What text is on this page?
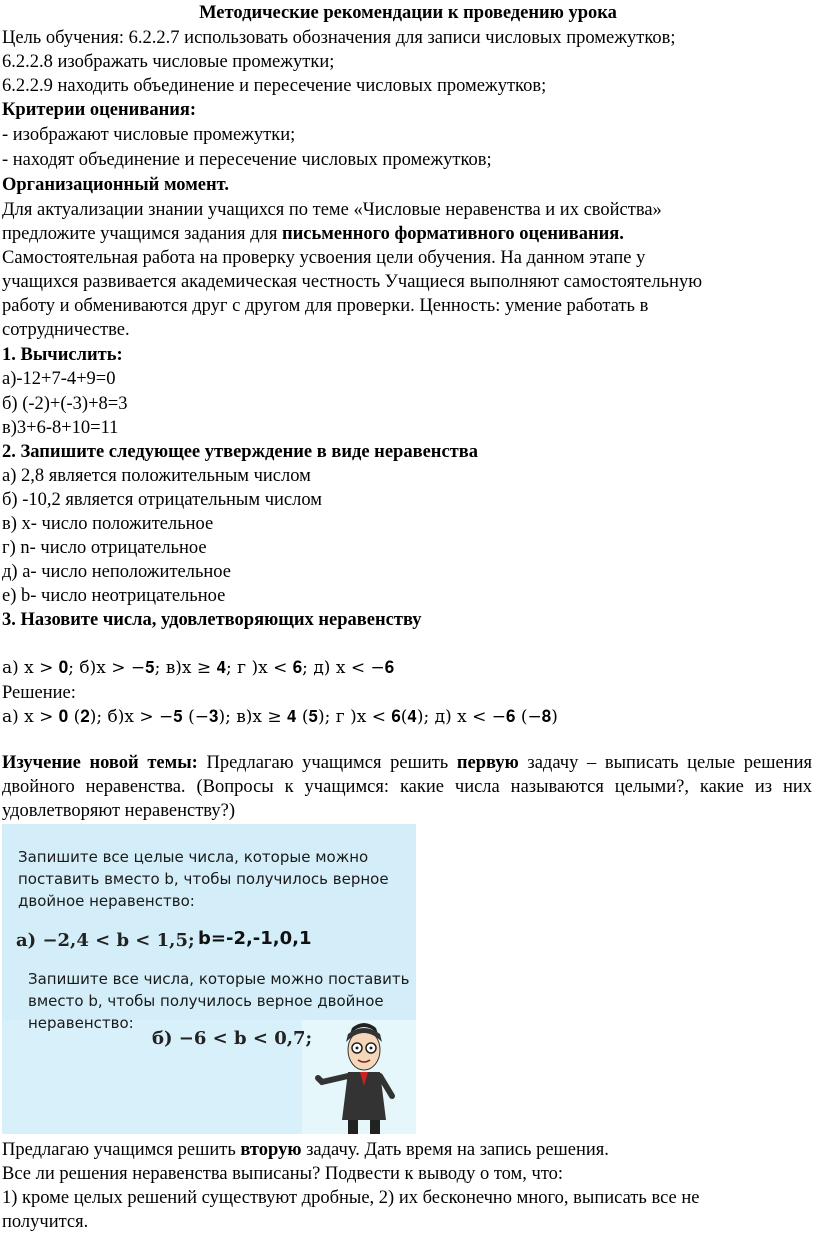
Методические рекомендации к проведению урока
Цель обучения: 6.2.2.7 использовать обозначения для записи числовых промежутков;
6.2.2.8 изображать числовые промежутки;
6.2.2.9 находить объединение и пересечение числовых промежутков;
Критерии оценивания:
- изображают числовые промежутки;
- находят объединение и пересечение числовых промежутков;
Организационный момент.
Для актуализации знании учащихся по теме «Числовые неравенства и их свойства»
предложите учащимся задания для письменного формативного оценивания.
Самостоятельная работа на проверку усвоения цели обучения. На данном этапе у
учащихся развивается академическая честность Учащиеся выполняют самостоятельную
работу и обмениваются друг с другом для проверки. Ценность: умение работать в
сотрудничестве.
1. Вычислить:
а)-12+7-4+9=0
б) (-2)+(-3)+8=3
в)3+6-8+10=11
2. Запишите следующее утверждение в виде неравенства
а) 2,8 является положительным числом
б) -10,2 является отрицательным числом
в) х- число положительное
г) n- число отрицательное
д) а- число неположительное
е) b- число неотрицательное
3. Назовите числа, удовлетворяющих неравенству
а) x > 𝟎; б)x > −𝟓; в)x ≥ 𝟒; г )x < 𝟔; д) x < −𝟔
Решение:
а) x > 𝟎 (𝟐); б)x > −𝟓 (−𝟑); в)x ≥ 𝟒 (𝟓); г )x < 𝟔(𝟒); д) x < −𝟔 (−𝟖)
Изучение новой темы: Предлагаю учащимся решить первую задачу – выписать целые решения двойного неравенства. (Вопросы к учащимся: какие числа называются целыми?, какие из них удовлетворяют неравенству?)
Запишите все целые числа, которые можно
поставить вместо b, чтобы получилось верное
двойное неравенство:
а) −2,4 < b < 1,5; b=-2,-1,0,1
Запишите все числа, которые можно поставить
вместо b, чтобы получилось верное двойное
неравенство:
б) −6 < b < 0,7;
Предлагаю учащимся решить вторую задачу. Дать время на запись решения.
Все ли решения неравенства выписаны? Подвести к выводу о том, что:
1) кроме целых решений существуют дробные, 2) их бесконечно много, выписать все не
получится.
